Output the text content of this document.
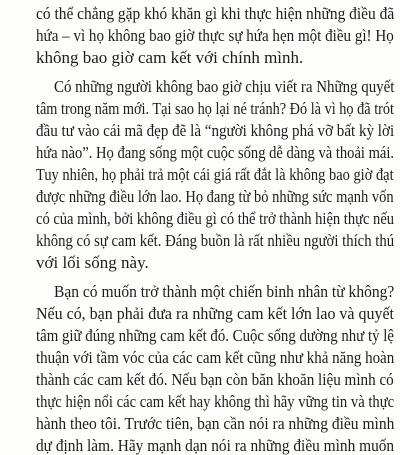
có thể chẳng gặp khó khăn gì khi thực hiện những điều đã
hứa – vì họ không bao giờ thực sự hứa hẹn một điều gì! Họ
không bao giờ cam kết với chính mình.
Có những người không bao giờ chịu viết ra Những quyết
tâm trong năm mới. Tại sao họ lại né tránh? Đó là vì họ đã trót
đầu tư vào cái mã đẹp đẽ là “người không phá vỡ bất kỳ lời
hứa nào”. Họ đang sống một cuộc sống dễ dàng và thoải mái.
Tuy nhiên, họ phải trả một cái giá rất đắt là không bao giờ đạt
được những điều lớn lao. Họ đang từ bỏ những sức mạnh vốn
có của mình, bởi không điều gì có thể trở thành hiện thực nếu
không có sự cam kết. Đáng buồn là rất nhiều người thích thú
với lối sống này.
Bạn có muốn trở thành một chiến binh nhân từ không?
Nếu có, bạn phải đưa ra những cam kết lớn lao và quyết
tâm giữ đúng những cam kết đó. Cuộc sống dường như tỷ lệ
thuận với tầm vóc của các cam kết cũng như khả năng hoàn
thành các cam kết đó. Nếu bạn còn băn khoăn liệu mình có
thực hiện nổi các cam kết hay không thì hãy vững tin và thực
hành theo tôi. Trước tiên, bạn cần nói ra những điều mình
dự định làm. Hãy mạnh dạn nói ra những điều mình muốn
